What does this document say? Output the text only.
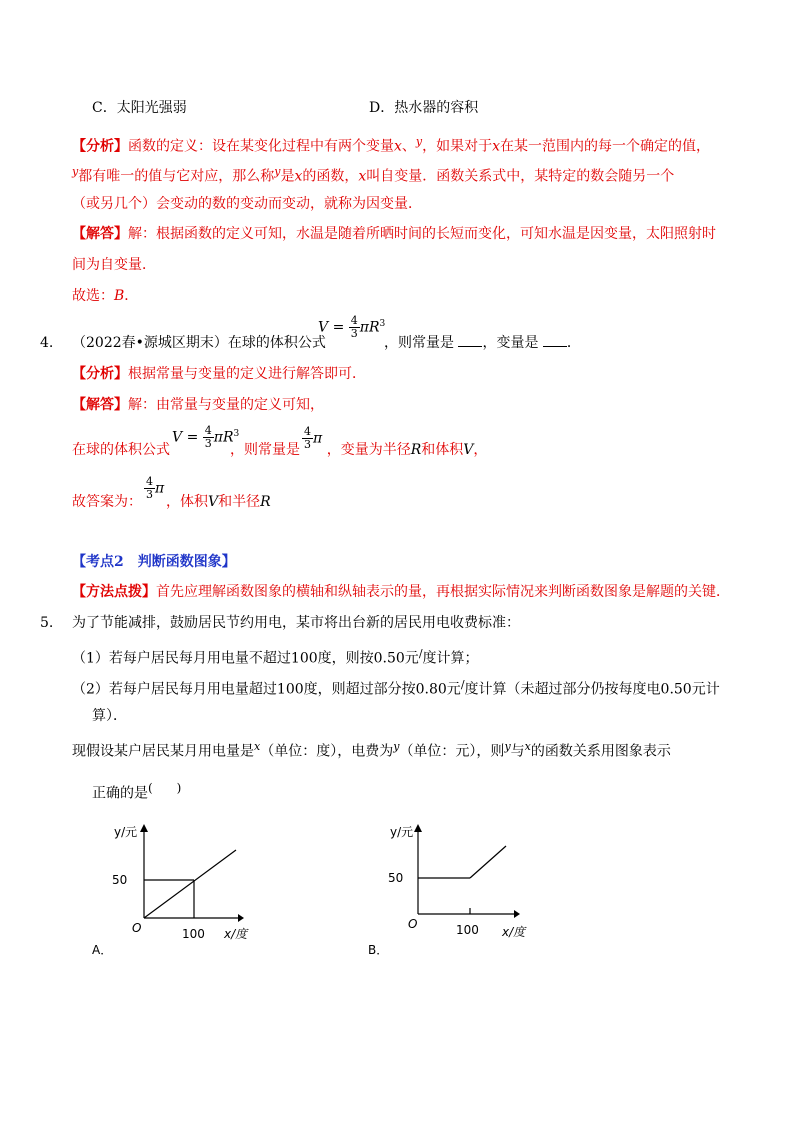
C．太阳光强弱	D．热水器的容积
【分析】函数的定义：设在某变化过程中有两个变量x、$^y$，如果对于x在某一范围内的每一个确定的值，
$^y$都有唯一的值与它对应，那么称$^y$是x的函数，x叫自变量．函数关系式中，某特定的数会随另一个
（或另几个）会变动的数的变动而变动，就称为因变量．
【解答】解：根据函数的定义可知，水温是随着所晒时间的长短而变化，可知水温是因变量，太阳照射时
间为自变量．
故选：B．
4. （2022春•源城区期末）在球的体积公式
$V = \frac{4}{3} \pi R^3$
，则常量是 ，变量是 ．
【分析】根据常量与变量的定义进行解答即可．
【解答】解：由常量与变量的定义可知，
在球的体积公式
$V = \frac{4}{3} \pi R^3$
，则常量是 ，变量为半径R和体积V，
$\frac{4}{3}$ π
故答案为：
$\frac{4}{3}$ π
，体积V和半径R
【考点2　判断函数图象】
【方法点拨】首先应理解函数图象的横轴和纵轴表示的量，再根据实际情况来判断函数图象是解题的关键．
5. 为了节能减排，鼓励居民节约用电，某市将出台新的居民用电收费标准：
（1）若每户居民每月用电量不超过100度，则按0.50元/度计算；
（2）若每户居民每月用电量超过100度，则超过部分按0.80元/度计算（未超过部分仍按每度电0.50元计
算）．
现假设某户居民某月用电量是$^x$（单位：度），电费为$^y$（单位：元），则$^y$与$^x$的函数关系用图象表示
正确的是(　　)
y/元
50
O	100 x/度
A．
y/元
50
O	100 x/度
B．
